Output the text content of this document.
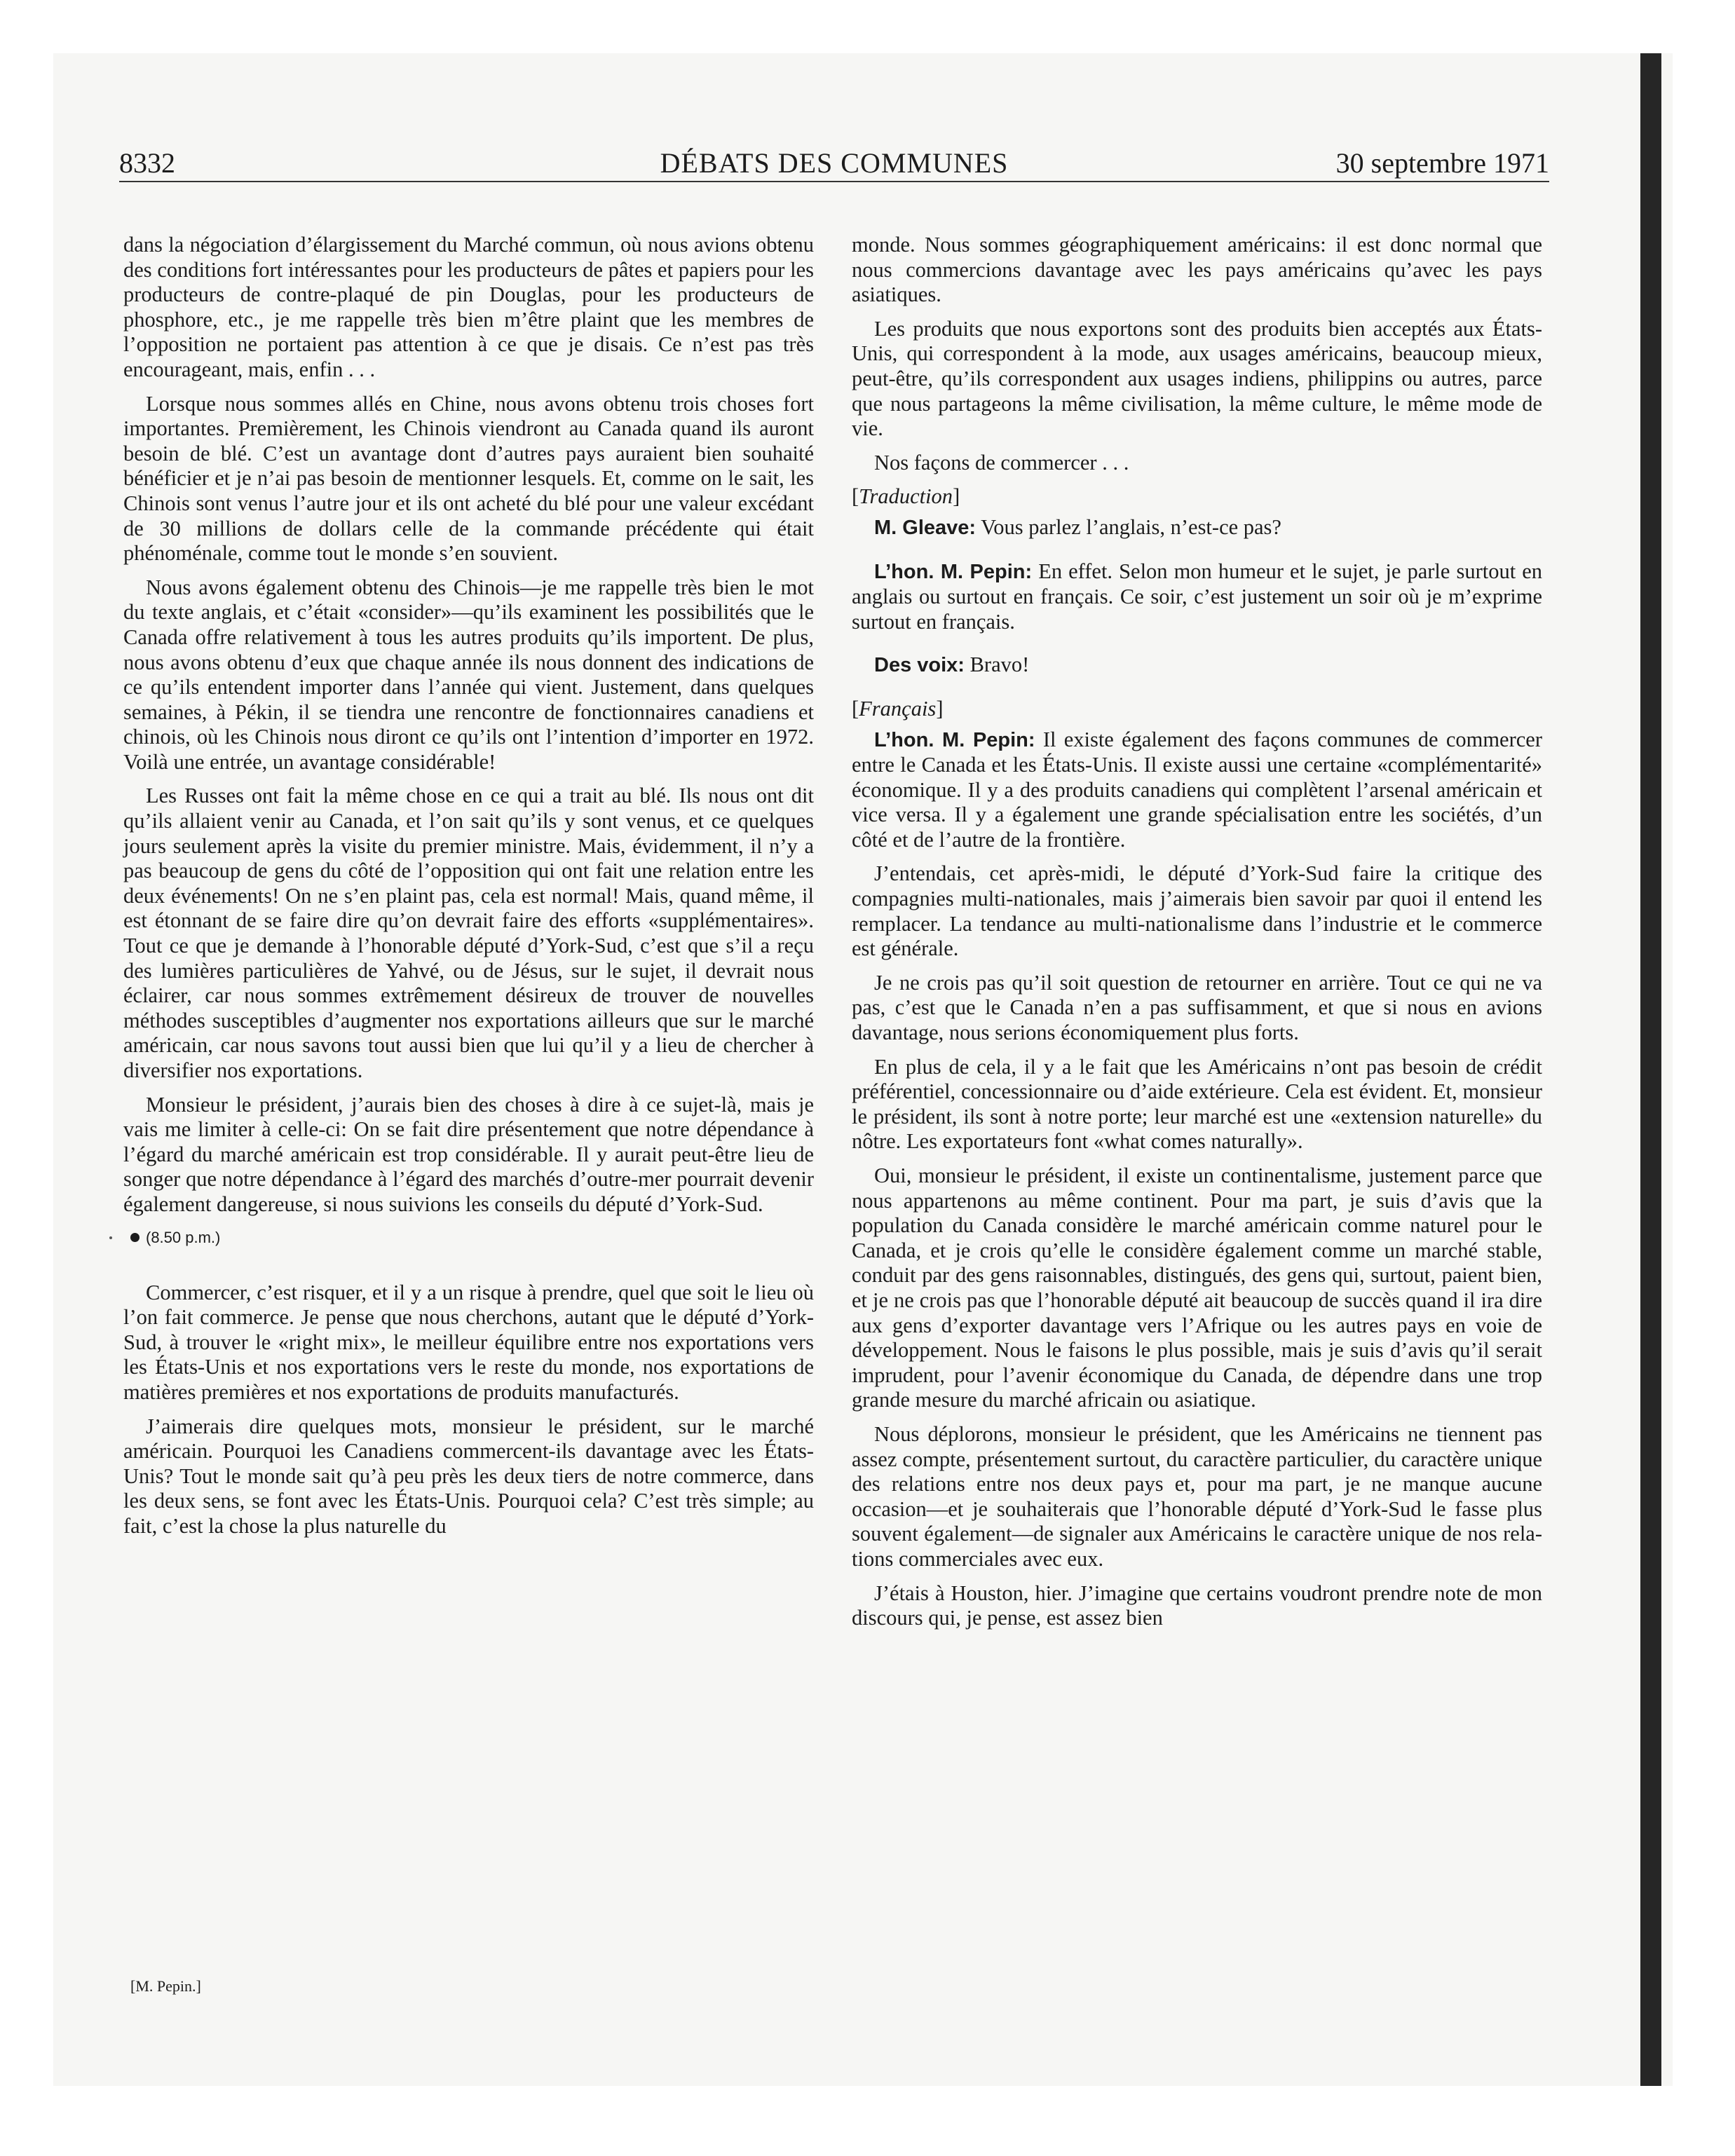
8332	DÉBATS DES COMMUNES	30 septembre 1971

dans la négociation d’élargissement du Marché commun, où nous avions obtenu des conditions fort intéressantes pour les producteurs de pâtes et papiers pour les producteurs de contre-plaqué de pin Douglas, pour les producteurs de phosphore, etc., je me rappelle très bien m’être plaint que les membres de l’opposition ne portaient pas attention à ce que je disais. Ce n’est pas très encourageant, mais, enfin . . .

Lorsque nous sommes allés en Chine, nous avons obtenu trois choses fort importantes. Premièrement, les Chinois viendront au Canada quand ils auront besoin de blé. C’est un avantage dont d’autres pays auraient bien souhaité bénéficier et je n’ai pas besoin de mentionner lesquels. Et, comme on le sait, les Chinois sont venus l’autre jour et ils ont acheté du blé pour une valeur excédant de 30 millions de dollars celle de la commande précédente qui était phénoménale, comme tout le monde s’en souvient.

Nous avons également obtenu des Chinois—je me rappelle très bien le mot du texte anglais, et c’était «consider»—qu’ils examinent les possibilités que le Canada offre relativement à tous les autres produits qu’ils importent. De plus, nous avons obtenu d’eux que chaque année ils nous donnent des indications de ce qu’ils entendent importer dans l’année qui vient. Justement, dans quelques semaines, à Pékin, il se tiendra une rencontre de fonctionnaires canadiens et chinois, où les Chinois nous diront ce qu’ils ont l’intention d’importer en 1972. Voilà une entrée, un avantage considérable!

Les Russes ont fait la même chose en ce qui a trait au blé. Ils nous ont dit qu’ils allaient venir au Canada, et l’on sait qu’ils y sont venus, et ce quelques jours seulement après la visite du premier ministre. Mais, évidemment, il n’y a pas beaucoup de gens du côté de l’opposition qui ont fait une relation entre les deux événements! On ne s’en plaint pas, cela est normal! Mais, quand même, il est étonnant de se faire dire qu’on devrait faire des efforts «supplémentaires». Tout ce que je demande à l’honorable député d’York-Sud, c’est que s’il a reçu des lumières particulières de Yahvé, ou de Jésus, sur le sujet, il devrait nous éclairer, car nous sommes extrêmement désireux de trouver de nouvelles méthodes susceptibles d’augmenter nos exportations ailleurs que sur le marché américain, car nous savons tout aussi bien que lui qu’il y a lieu de chercher à diversifier nos exportations.

Monsieur le président, j’aurais bien des choses à dire à ce sujet-là, mais je vais me limiter à celle-ci: On se fait dire présentement que notre dépendance à l’égard du marché américain est trop considérable. Il y aurait peut-être lieu de songer que notre dépendance à l’égard des marchés d’outre-mer pourrait devenir également dangereuse, si nous suivions les conseils du député d’York-Sud.

(8.50 p.m.)

Commercer, c’est risquer, et il y a un risque à prendre, quel que soit le lieu où l’on fait commerce. Je pense que nous cherchons, autant que le député d’York-Sud, à trouver le «right mix», le meilleur équilibre entre nos exportations vers les États-Unis et nos exportations vers le reste du monde, nos exportations de matières premières et nos exportations de produits manufacturés.

J’aimerais dire quelques mots, monsieur le président, sur le marché américain. Pourquoi les Canadiens commercent-ils davantage avec les États-Unis? Tout le monde sait qu’à peu près les deux tiers de notre commerce, dans les deux sens, se font avec les États-Unis. Pourquoi cela? C’est très simple; au fait, c’est la chose la plus naturelle du

monde. Nous sommes géographiquement américains: il est donc normal que nous commercions davantage avec les pays américains qu’avec les pays asiatiques.

Les produits que nous exportons sont des produits bien acceptés aux États-Unis, qui correspondent à la mode, aux usages américains, beaucoup mieux, peut-être, qu’ils correspondent aux usages indiens, philippins ou autres, parce que nous partageons la même civilisation, la même culture, le même mode de vie.

Nos façons de commercer . . .

[Traduction]

M. Gleave: Vous parlez l’anglais, n’est-ce pas?

L’hon. M. Pepin: En effet. Selon mon humeur et le sujet, je parle surtout en anglais ou surtout en français. Ce soir, c’est justement un soir où je m’exprime surtout en français.

Des voix: Bravo!

[Français]

L’hon. M. Pepin: Il existe également des façons communes de commercer entre le Canada et les États-Unis. Il existe aussi une certaine «complémentarité» économique. Il y a des produits canadiens qui complètent l’arsenal américain et vice versa. Il y a également une grande spécialisation entre les sociétés, d’un côté et de l’autre de la frontière.

J’entendais, cet après-midi, le député d’York-Sud faire la critique des compagnies multi-nationales, mais j’aimerais bien savoir par quoi il entend les remplacer. La tendance au multi-nationalisme dans l’industrie et le commerce est générale.

Je ne crois pas qu’il soit question de retourner en arrière. Tout ce qui ne va pas, c’est que le Canada n’en a pas suffisamment, et que si nous en avions davantage, nous serions économiquement plus forts.

En plus de cela, il y a le fait que les Américains n’ont pas besoin de crédit préférentiel, concessionnaire ou d’aide extérieure. Cela est évident. Et, monsieur le président, ils sont à notre porte; leur marché est une «extension naturelle» du nôtre. Les exportateurs font «what comes naturally».

Oui, monsieur le président, il existe un continentalisme, justement parce que nous appartenons au même continent. Pour ma part, je suis d’avis que la population du Canada considère le marché américain comme naturel pour le Canada, et je crois qu’elle le considère également comme un marché stable, conduit par des gens raisonnables, distingués, des gens qui, surtout, paient bien, et je ne crois pas que l’honorable député ait beaucoup de succès quand il ira dire aux gens d’exporter davantage vers l’Afrique ou les autres pays en voie de développement. Nous le faisons le plus possible, mais je suis d’avis qu’il serait imprudent, pour l’avenir économique du Canada, de dépendre dans une trop grande mesure du marché africain ou asiatique.

Nous déplorons, monsieur le président, que les Américains ne tiennent pas assez compte, présentement surtout, du caractère particulier, du caractère unique des relations entre nos deux pays et, pour ma part, je ne manque aucune occasion—et je souhaiterais que l’honorable député d’York-Sud le fasse plus souvent également—de signaler aux Américains le caractère unique de nos relations commerciales avec eux.

J’étais à Houston, hier. J’imagine que certains voudront prendre note de mon discours qui, je pense, est assez bien

[M. Pepin.]
